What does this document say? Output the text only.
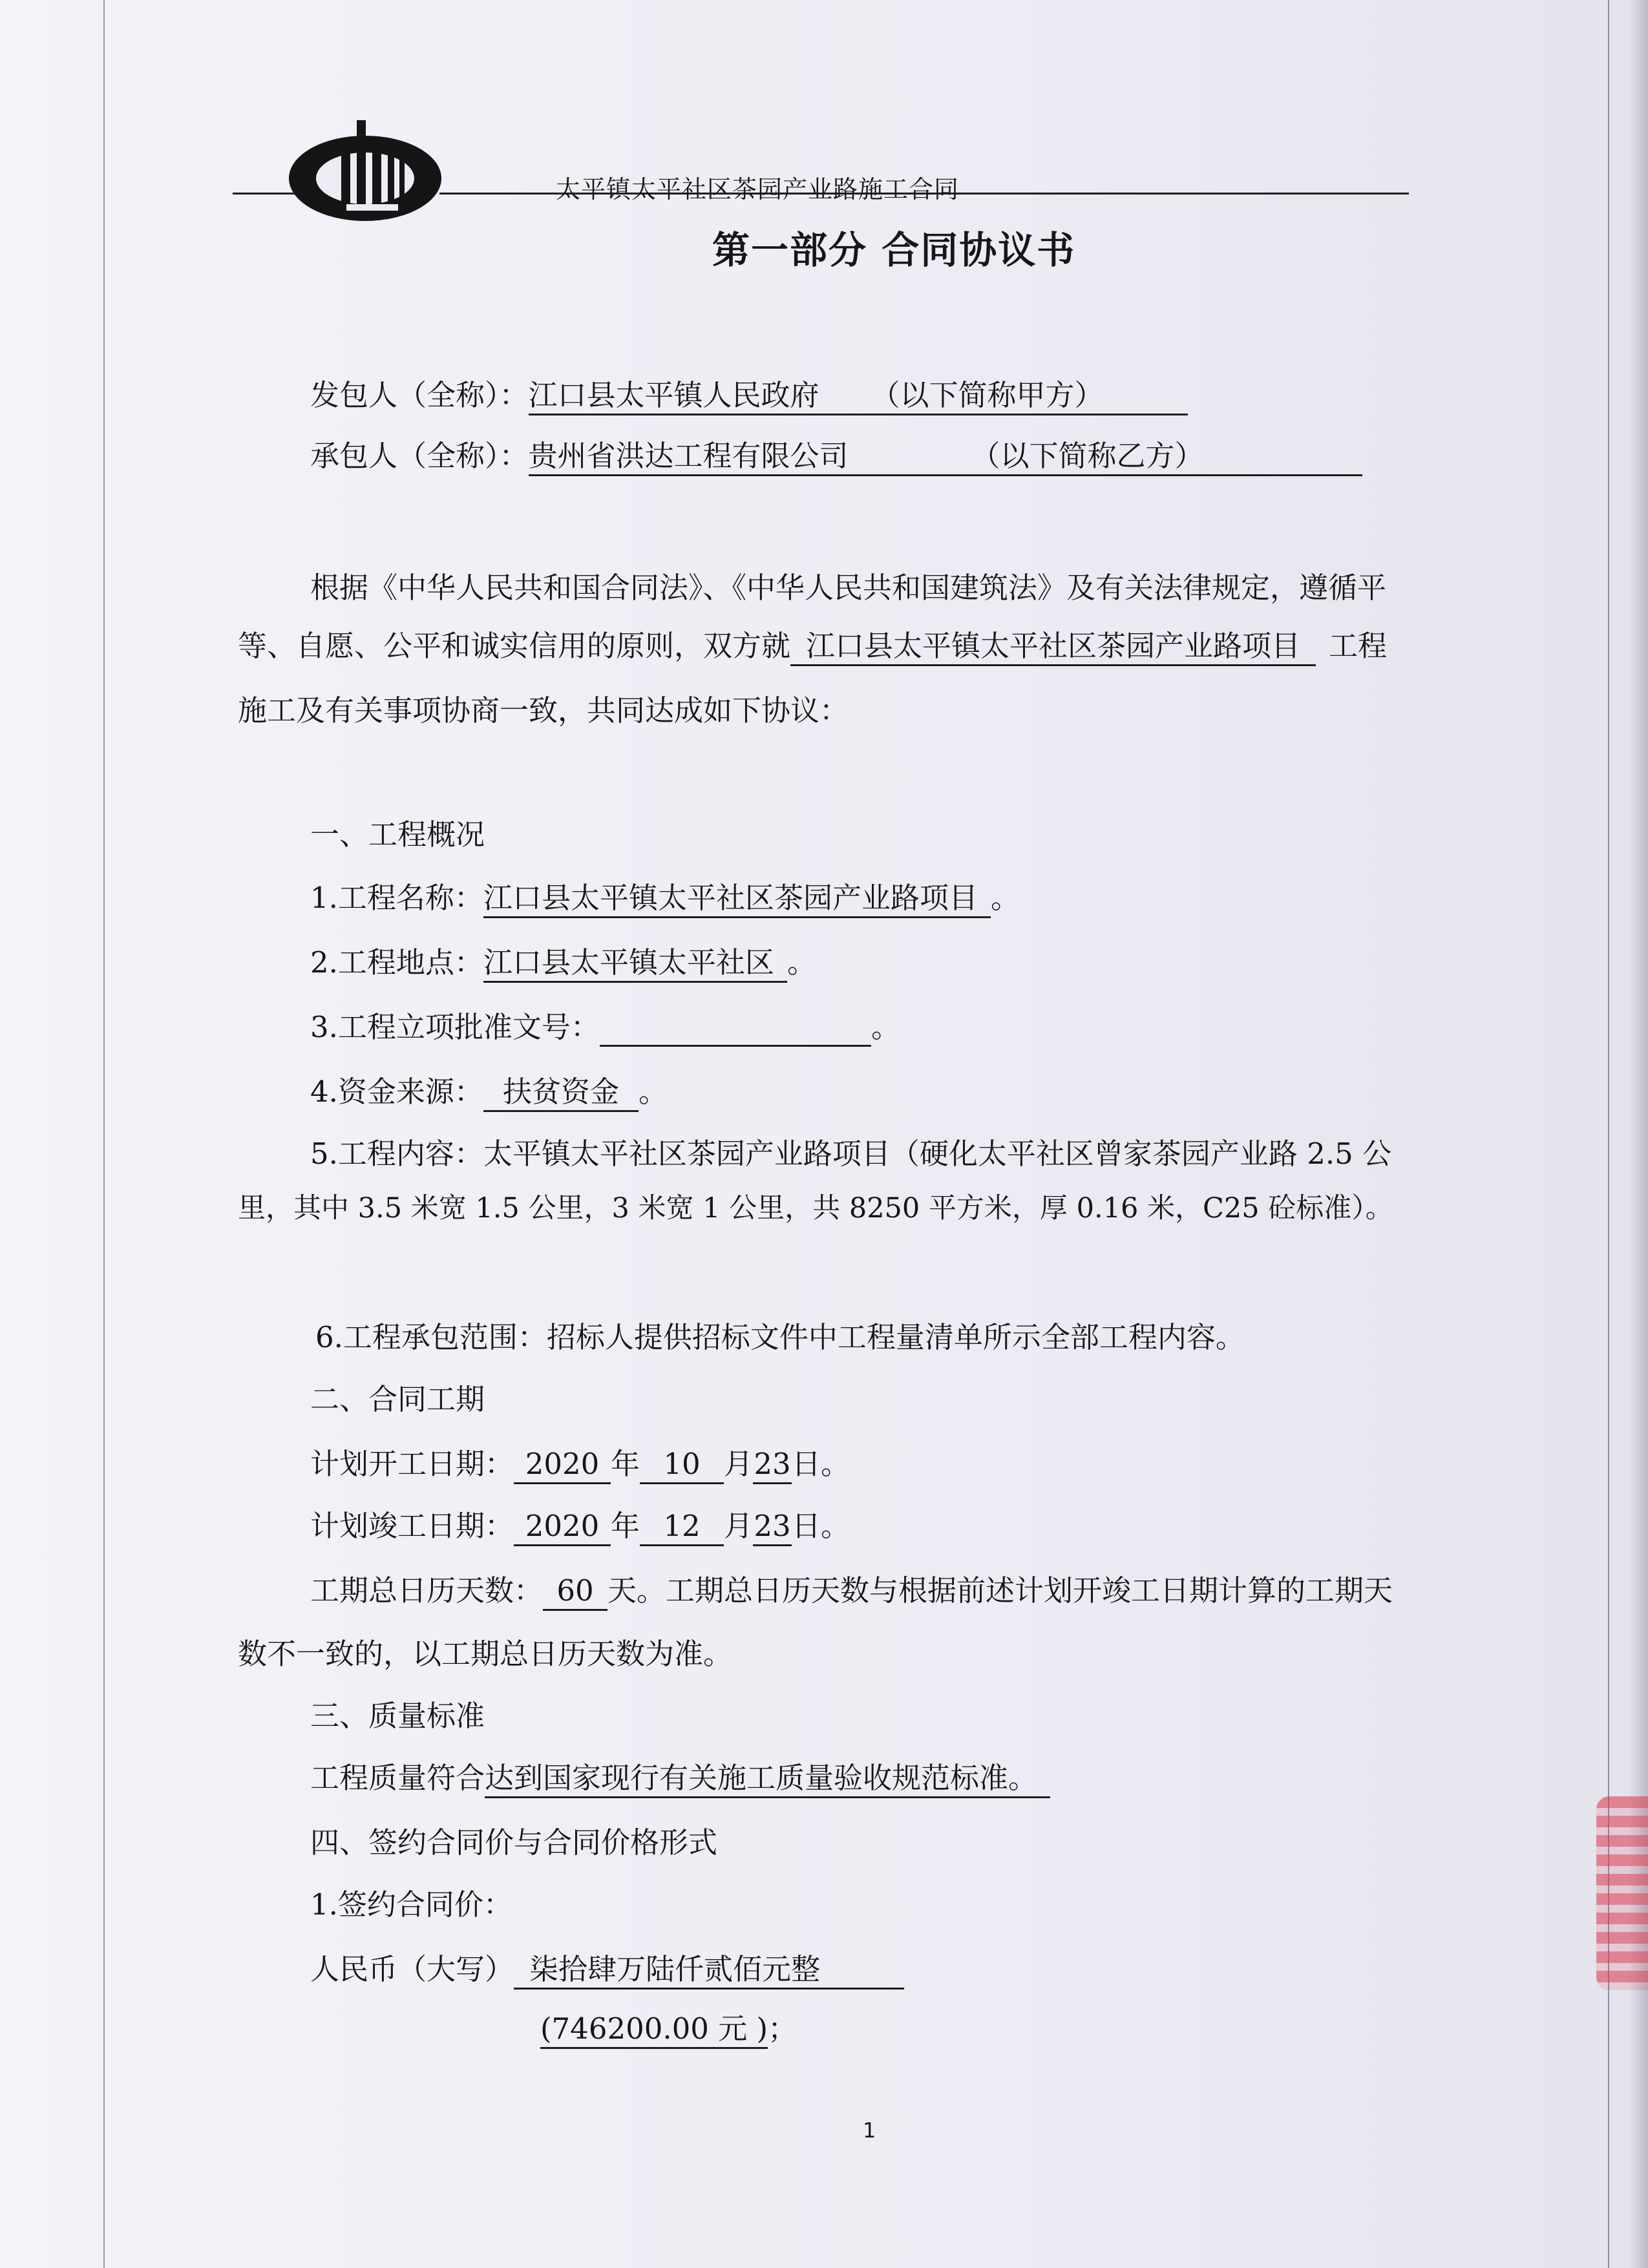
太平镇太平社区茶园产业路施工合同
第一部分 合同协议书
发包人（全称）：江口县太平镇人民政府 （以下简称甲方）
承包人（全称）：贵州省洪达工程有限公司	（以下简称乙方）
根据《中华人民共和国合同法》、《中华人民共和国建筑法》及有关法律规定，遵循平
等、自愿、公平和诚实信用的原则，双方就 江口县太平镇太平社区茶园产业路项目 工程
施工及有关事项协商一致，共同达成如下协议：
一、工程概况
1.工程名称：江口县太平镇太平社区茶园产业路项目 。
2.工程地点：江口县太平镇太平社区 。
3.工程立项批准文号：	。
4.资金来源： 扶贫资金 。
5.工程内容：太平镇太平社区茶园产业路项目（硬化太平社区曾家茶园产业路 2.5 公
里，其中 3.5 米宽 1.5 公里，3 米宽 1 公里，共 8250 平方米，厚 0.16 米，C25 砼标准）。
6.工程承包范围：招标人提供招标文件中工程量清单所示全部工程内容。
二、合同工期
计划开工日期： 2020 年 10 月23日。
计划竣工日期： 2020 年 12 月23日。
工期总日历天数： 60 天。工期总日历天数与根据前述计划开竣工日期计算的工期天
数不一致的，以工期总日历天数为准。
三、质量标准
工程质量符合达到国家现行有关施工质量验收规范标准。
四、签约合同价与合同价格形式
1.签约合同价：
人民币（大写） 柒拾肆万陆仟贰佰元整
(746200.00 元 )；
1
